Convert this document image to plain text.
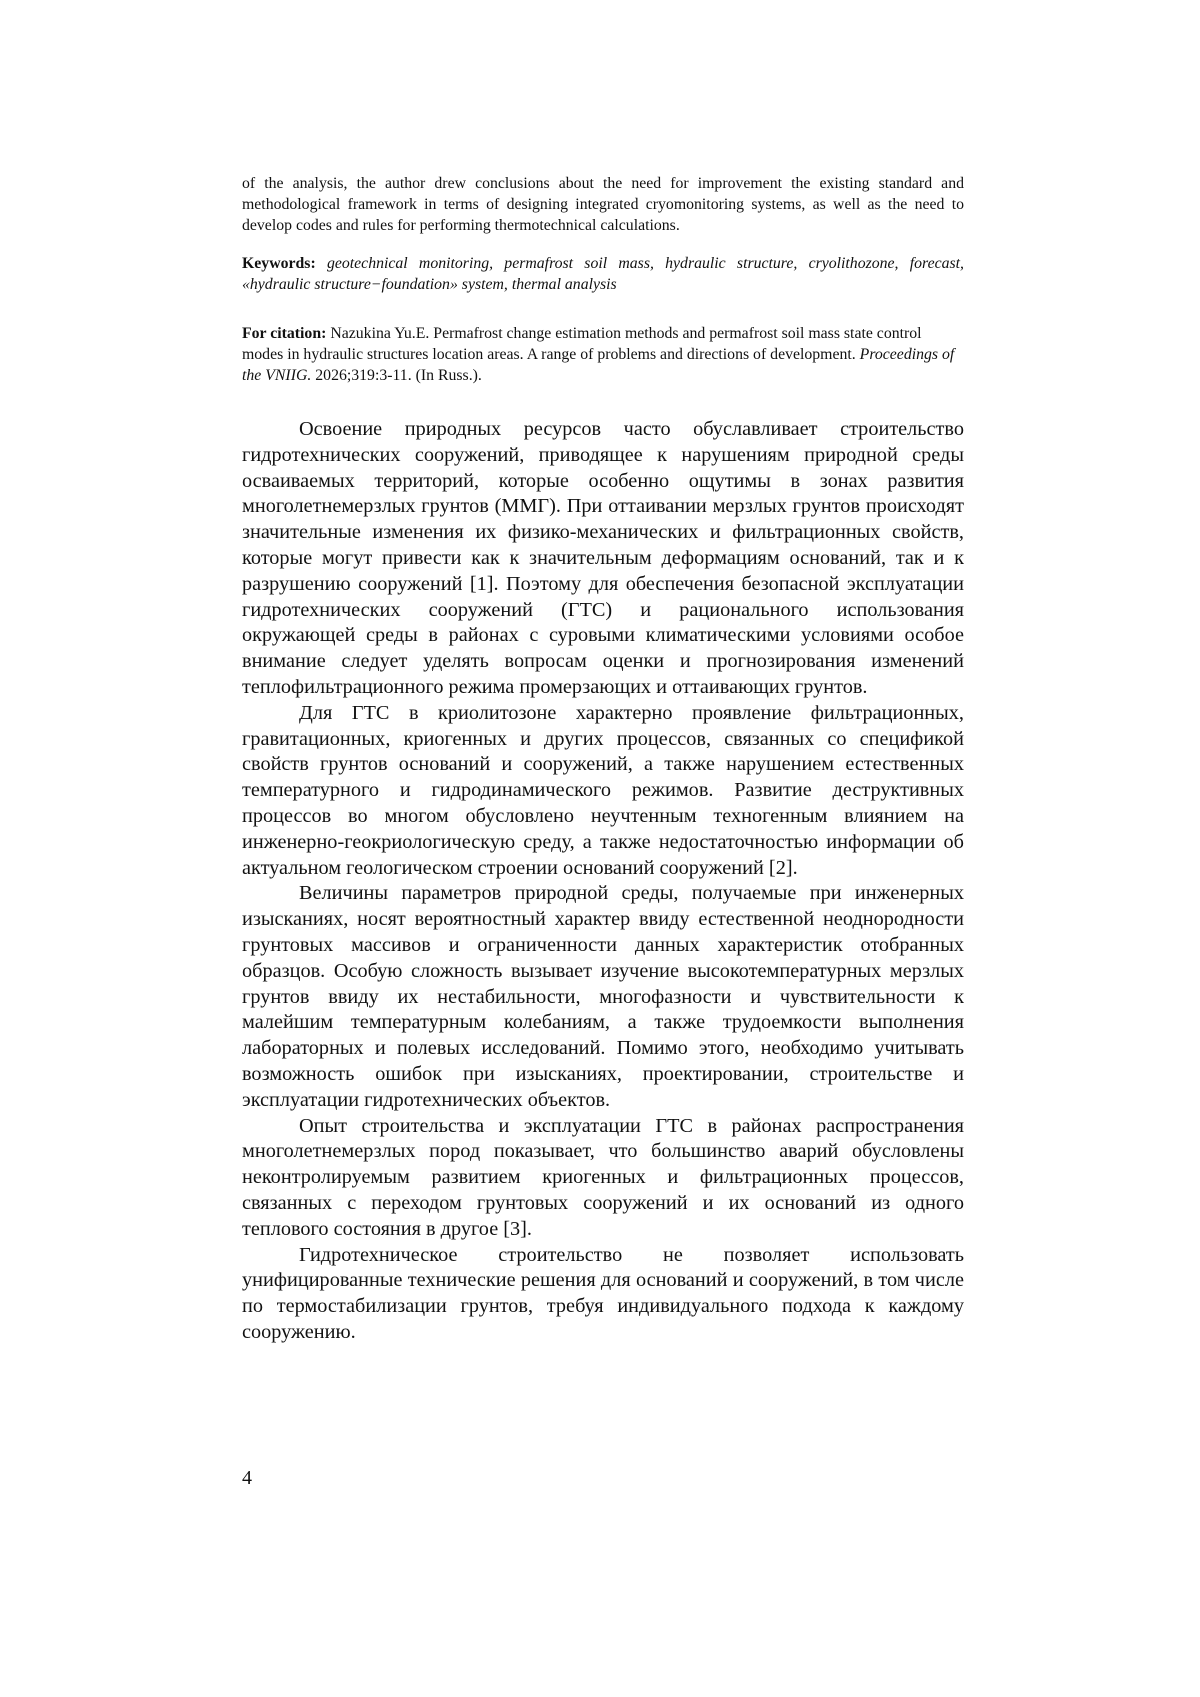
of the analysis, the author drew conclusions about the need for improvement the existing standard and methodological framework in terms of designing integrated cryomonitoring systems, as well as the need to develop codes and rules for performing thermotechnical calculations.

Keywords: geotechnical monitoring, permafrost soil mass, hydraulic structure, cryolithozone, forecast, «hydraulic structure−foundation» system, thermal analysis

For citation: Nazukina Yu.E. Permafrost change estimation methods and permafrost soil mass state control modes in hydraulic structures location areas. A range of problems and directions of development. Proceedings of the VNIIG. 2026;319:3-11. (In Russ.).

Освоение природных ресурсов часто обуславливает строительство гидротехнических сооружений, приводящее к нарушениям природной среды осваиваемых территорий, которые особенно ощутимы в зонах развития многолетнемерзлых грунтов (ММГ). При оттаивании мерзлых грунтов происходят значительные изменения их физико-механических и фильтрационных свойств, которые могут привести как к значительным деформациям оснований, так и к разрушению сооружений [1]. Поэтому для обеспечения безопасной эксплуатации гидротехнических сооружений (ГТС) и рационального использования окружающей среды в районах с суровыми климатическими условиями особое внимание следует уделять вопросам оценки и прогнозирования изменений теплофильтрационного режима промерзающих и оттаивающих грунтов.

Для ГТС в криолитозоне характерно проявление фильтрационных, гравитационных, криогенных и других процессов, связанных со спецификой свойств грунтов оснований и сооружений, а также нарушением естественных температурного и гидродинамического режимов. Развитие деструктивных процессов во многом обусловлено неучтенным техногенным влиянием на инженерно-геокриологическую среду, а также недостаточностью информации об актуальном геологическом строении оснований сооружений [2].

Величины параметров природной среды, получаемые при инженерных изысканиях, носят вероятностный характер ввиду естественной неоднородности грунтовых массивов и ограниченности данных характеристик отобранных образцов. Особую сложность вызывает изучение высокотемпературных мерзлых грунтов ввиду их нестабильности, многофазности и чувствительности к малейшим температурным колебаниям, а также трудоемкости выполнения лабораторных и полевых исследований. Помимо этого, необходимо учитывать возможность ошибок при изысканиях, проектировании, строительстве и эксплуатации гидротехнических объектов.

Опыт строительства и эксплуатации ГТС в районах распространения многолетнемерзлых пород показывает, что большинство аварий обусловлены неконтролируемым развитием криогенных и фильтрационных процессов, связанных с переходом грунтовых сооружений и их оснований из одного теплового состояния в другое [3].

Гидротехническое строительство не позволяет использовать унифицированные технические решения для оснований и сооружений, в том числе по термостабилизации грунтов, требуя индивидуального подхода к каждому сооружению.

4
